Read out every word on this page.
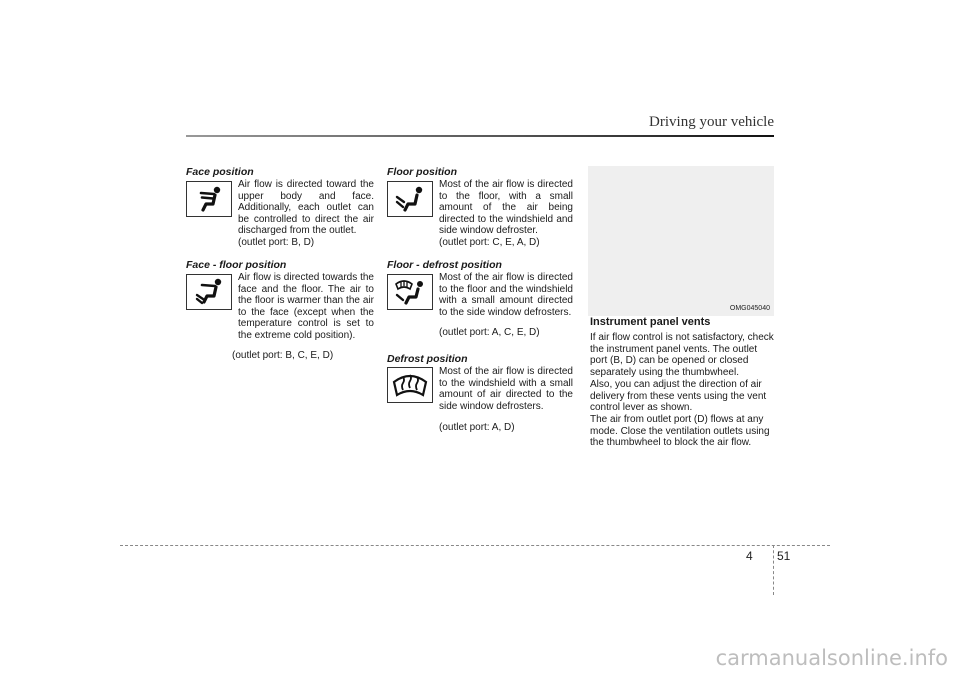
Driving your vehicle
Face position
Air flow is directed toward the upper body and face. Additionally, each outlet can be controlled to direct the air discharged from the outlet.
(outlet port: B, D)
Face - floor position
Air flow is directed towards the face and the floor. The air to the floor is warmer than the air to the face (except when the temperature control is set to the extreme cold position).
(outlet port: B, C, E, D)
Floor position
Most of the air flow is directed to the floor, with a small amount of the air being directed to the windshield and side window defroster.
(outlet port: C, E, A, D)
Floor - defrost position
Most of the air flow is directed to the floor and the windshield with a small amount directed to the side window defrosters.
(outlet port: A, C, E, D)
Defrost position
Most of the air flow is directed to the windshield with a small amount of air directed to the side window defrosters.
(outlet port: A, D)
OMG045040
Instrument panel vents

If air flow control is not satisfactory, check the instrument panel vents. The outlet port (B, D) can be opened or closed separately using the thumbwheel.

Also, you can adjust the direction of air delivery from these vents using the vent control lever as shown.

The air from outlet port (D) flows at any mode. Close the ventilation outlets using the thumbwheel to block the air flow.

4 51
carmanualsonline.info
